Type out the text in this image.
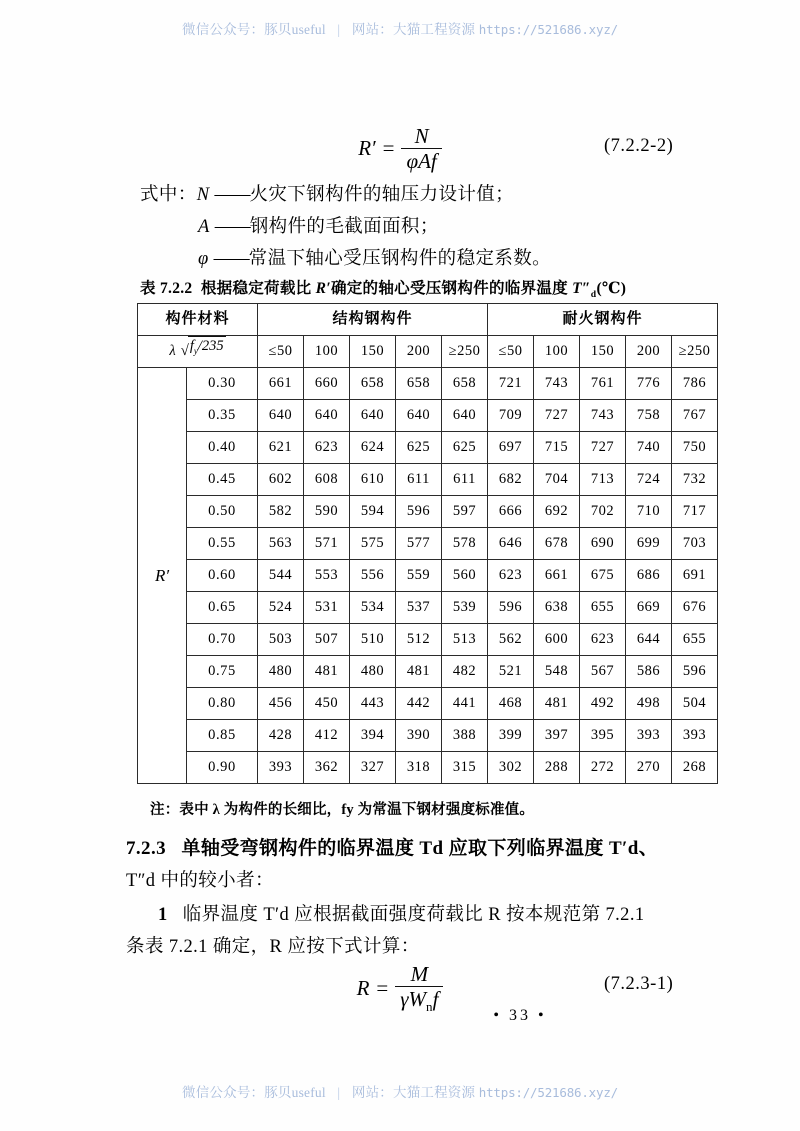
微信公众号：豚贝useful | 网站：大猫工程资源 https://521686.xyz/
$R' = \frac{N}{\text{φAf}}$	(7.2.2-2)
式中：N ——火灾下钢构件的轴压力设计值；
A ——钢构件的毛截面面积；
φ ——常温下轴心受压钢构件的稳定系数。
表 7.2.2 根据稳定荷载比 R′确定的轴心受压钢构件的临界温度 $T''_d(℃)$
构件材料		结构钢构件					耐火钢构件				
λ √ $f_y/235$		≤50	100	150	200	≥250	≤50	100	150	200	≥250
R′	0.30	661	660	658	658	658	721	743	761	776	786
	0.35	640	640	640	640	640	709	727	743	758	767
	0.40	621	623	624	625	625	697	715	727	740	750
	0.45	602	608	610	611	611	682	704	713	724	732
	0.50	582	590	594	596	597	666	692	702	710	717
	0.55	563	571	575	577	578	646	678	690	699	703
	0.60	544	553	556	559	560	623	661	675	686	691
	0.65	524	531	534	537	539	596	638	655	669	676
	0.70	503	507	510	512	513	562	600	623	644	655
	0.75	480	481	480	481	482	521	548	567	586	596
	0.80	456	450	443	442	441	468	481	492	498	504
	0.85	428	412	394	390	388	399	397	395	393	393
	0.90	393	362	327	318	315	302	288	272	270	268
注：表中 λ 为构件的长细比，fy 为常温下钢材强度标准值。
7.2.3 单轴受弯钢构件的临界温度 Td 应取下列临界温度 T′d、
T″d 中的较小者：
1 临界温度 T′d 应根据截面强度荷载比 R 按本规范第 7.2.1
条表 7.2.1 确定，R 应按下式计算：
$R = \frac{M}{\gamma W_nf}$	(7.2.3-1)
• 33 •
微信公众号：豚贝useful | 网站：大猫工程资源 https://521686.xyz/
